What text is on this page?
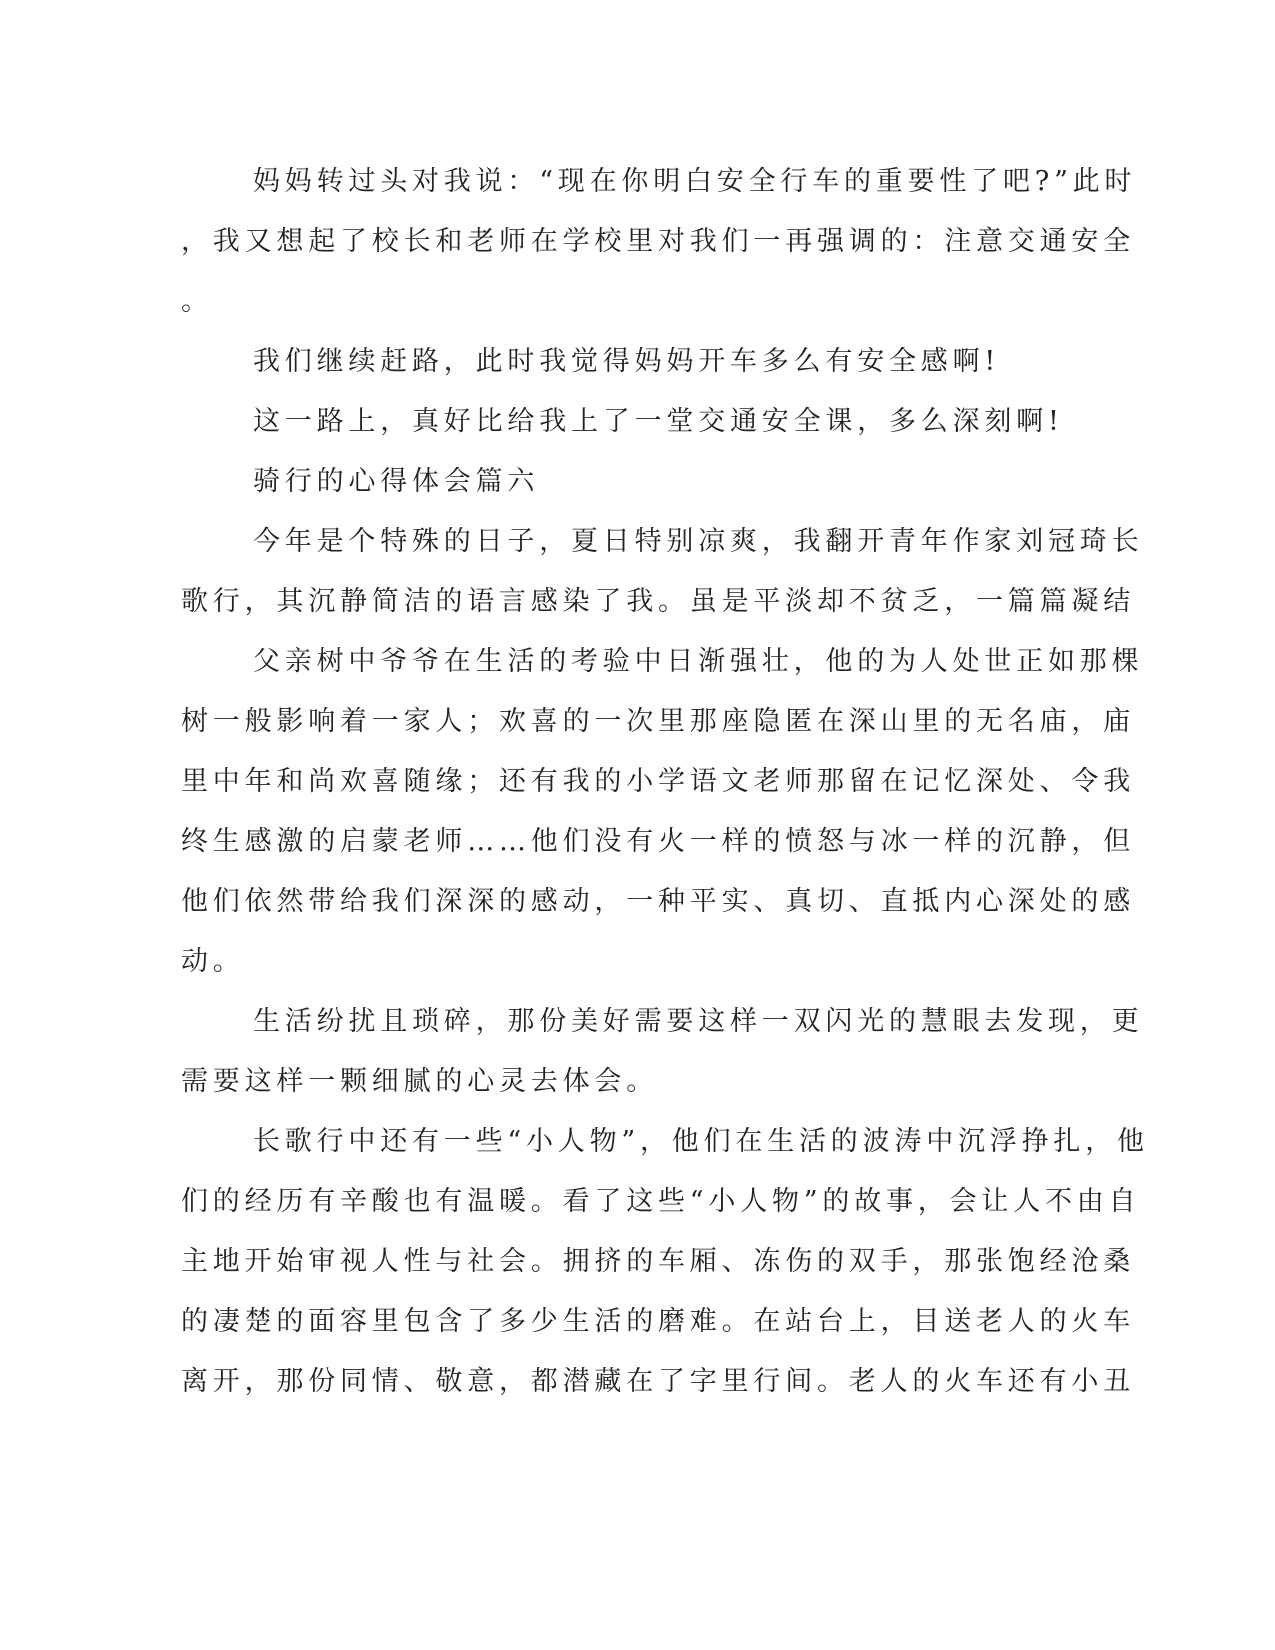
妈妈转过头对我说：“现在你明白安全行车的重要性了吧?”此时
，我又想起了校长和老师在学校里对我们一再强调的：注意交通安全
。
我们继续赶路，此时我觉得妈妈开车多么有安全感啊!
这一路上，真好比给我上了一堂交通安全课，多么深刻啊!
骑行的心得体会篇六
今年是个特殊的日子，夏日特别凉爽，我翻开青年作家刘冠琦长
歌行，其沉静简洁的语言感染了我。虽是平淡却不贫乏，一篇篇凝结
父亲树中爷爷在生活的考验中日渐强壮，他的为人处世正如那棵
树一般影响着一家人；欢喜的一次里那座隐匿在深山里的无名庙，庙
里中年和尚欢喜随缘；还有我的小学语文老师那留在记忆深处、令我
终生感激的启蒙老师……他们没有火一样的愤怒与冰一样的沉静，但
他们依然带给我们深深的感动，一种平实、真切、直抵内心深处的感
动。
生活纷扰且琐碎，那份美好需要这样一双闪光的慧眼去发现，更
需要这样一颗细腻的心灵去体会。
长歌行中还有一些“小人物”，他们在生活的波涛中沉浮挣扎，他
们的经历有辛酸也有温暖。看了这些“小人物”的故事，会让人不由自
主地开始审视人性与社会。拥挤的车厢、冻伤的双手，那张饱经沧桑
的凄楚的面容里包含了多少生活的磨难。在站台上，目送老人的火车
离开，那份同情、敬意，都潜藏在了字里行间。老人的火车还有小丑
